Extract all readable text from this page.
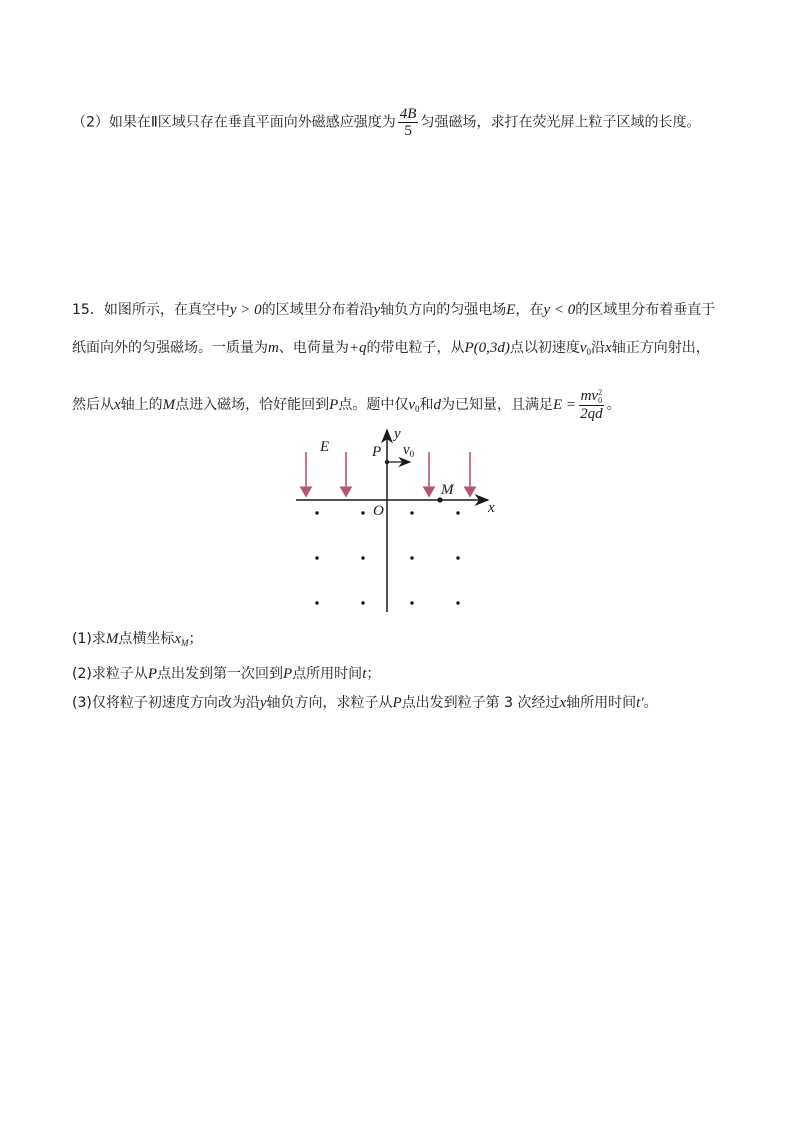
（2）如果在Ⅱ区域只存在垂直平面向外磁感应强度为 $\frac{4B}{5}$ 匀强磁场，求打在荧光屏上粒子区域的长度。
15．如图所示，在真空中y > 0的区域里分布着沿y轴负方向的匀强电场E，在y < 0的区域里分布着垂直于
纸面向外的匀强磁场。一质量为m、电荷量为+q的带电粒子，从P(0,3d)点以初速度$v_0$沿x轴正方向射出，
然后从x轴上的M点进入磁场，恰好能回到P点。题中仅$v_0$和d为已知量，且满足E = mv 2
0
2qd 。
E	P $v_0$
y
x
M
O
(1)求M点横坐标$x_M$；
(2)求粒子从P点出发到第一次回到P点所用时间t；
(3)仅将粒子初速度方向改为沿y轴负方向，求粒子从P点出发到粒子第 3 次经过x轴所用时间t′。
